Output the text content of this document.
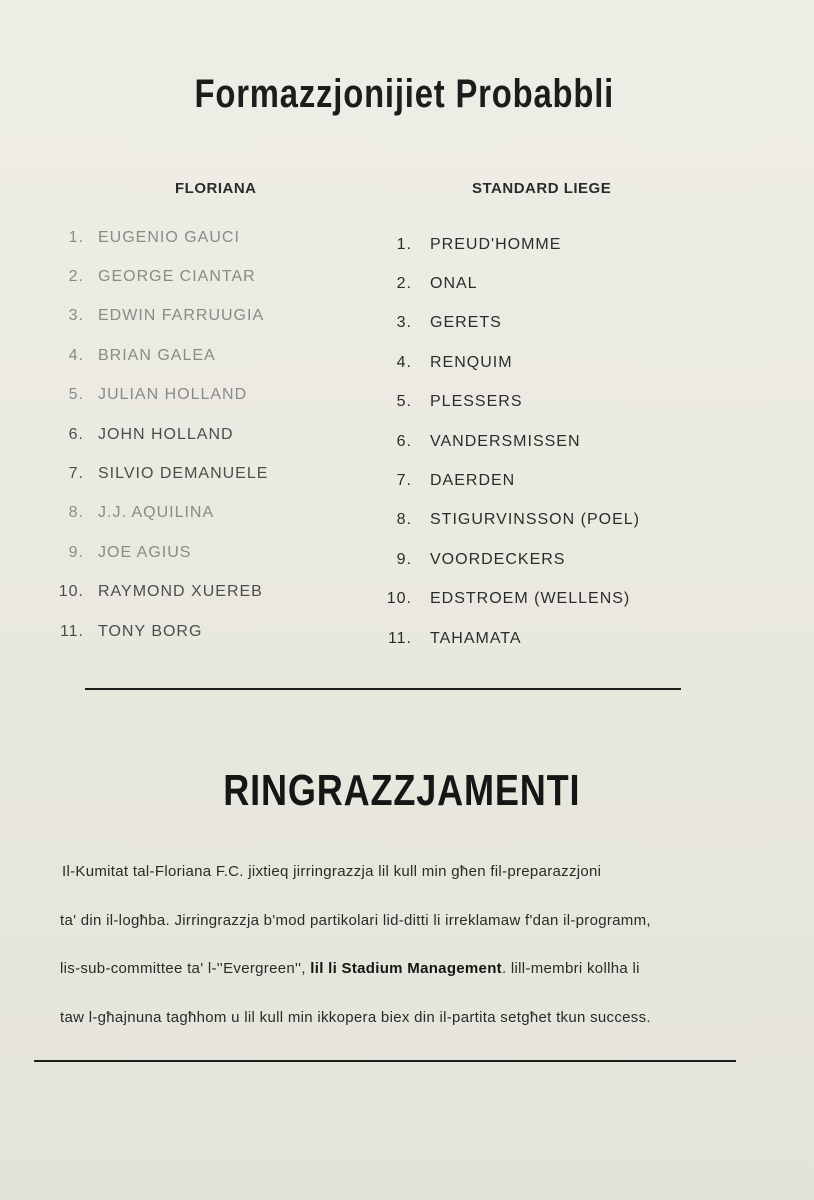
Formazzjonijiet Probabbli
FLORIANA	STANDARD LIEGE
1. EUGENIO GAUCI
2. GEORGE CIANTAR
3. EDWIN FARRUUGIA
4. BRIAN GALEA
5. JULIAN HOLLAND
6. JOHN HOLLAND
7. SILVIO DEMANUELE
8. J.J. AQUILINA
9. JOE AGIUS
10. RAYMOND XUEREB
11. TONY BORG
1. PREUD'HOMME
2. ONAL
3. GERETS
4. RENQUIM
5. PLESSERS
6. VANDERSMISSEN
7. DAERDEN
8. STIGURVINSSON (POEL)
9. VOORDECKERS
10. EDSTROEM (WELLENS)
11. TAHAMATA
RINGRAZZJAMENTI

Il-Kumitat tal-Floriana F.C. jixtieq jirringrazzja lil kull min għen fil-preparazzjoni
ta' din il-logħba. Jirringrazzja b'mod partikolari lid-ditti li irreklamaw f'dan il-programm,
lis-sub-committee ta' l-''Evergreen'', lil li Stadium Management. lill-membri kollha li
taw l-għajnuna tagħhom u lil kull min ikkopera biex din il-partita setgħet tkun success.
